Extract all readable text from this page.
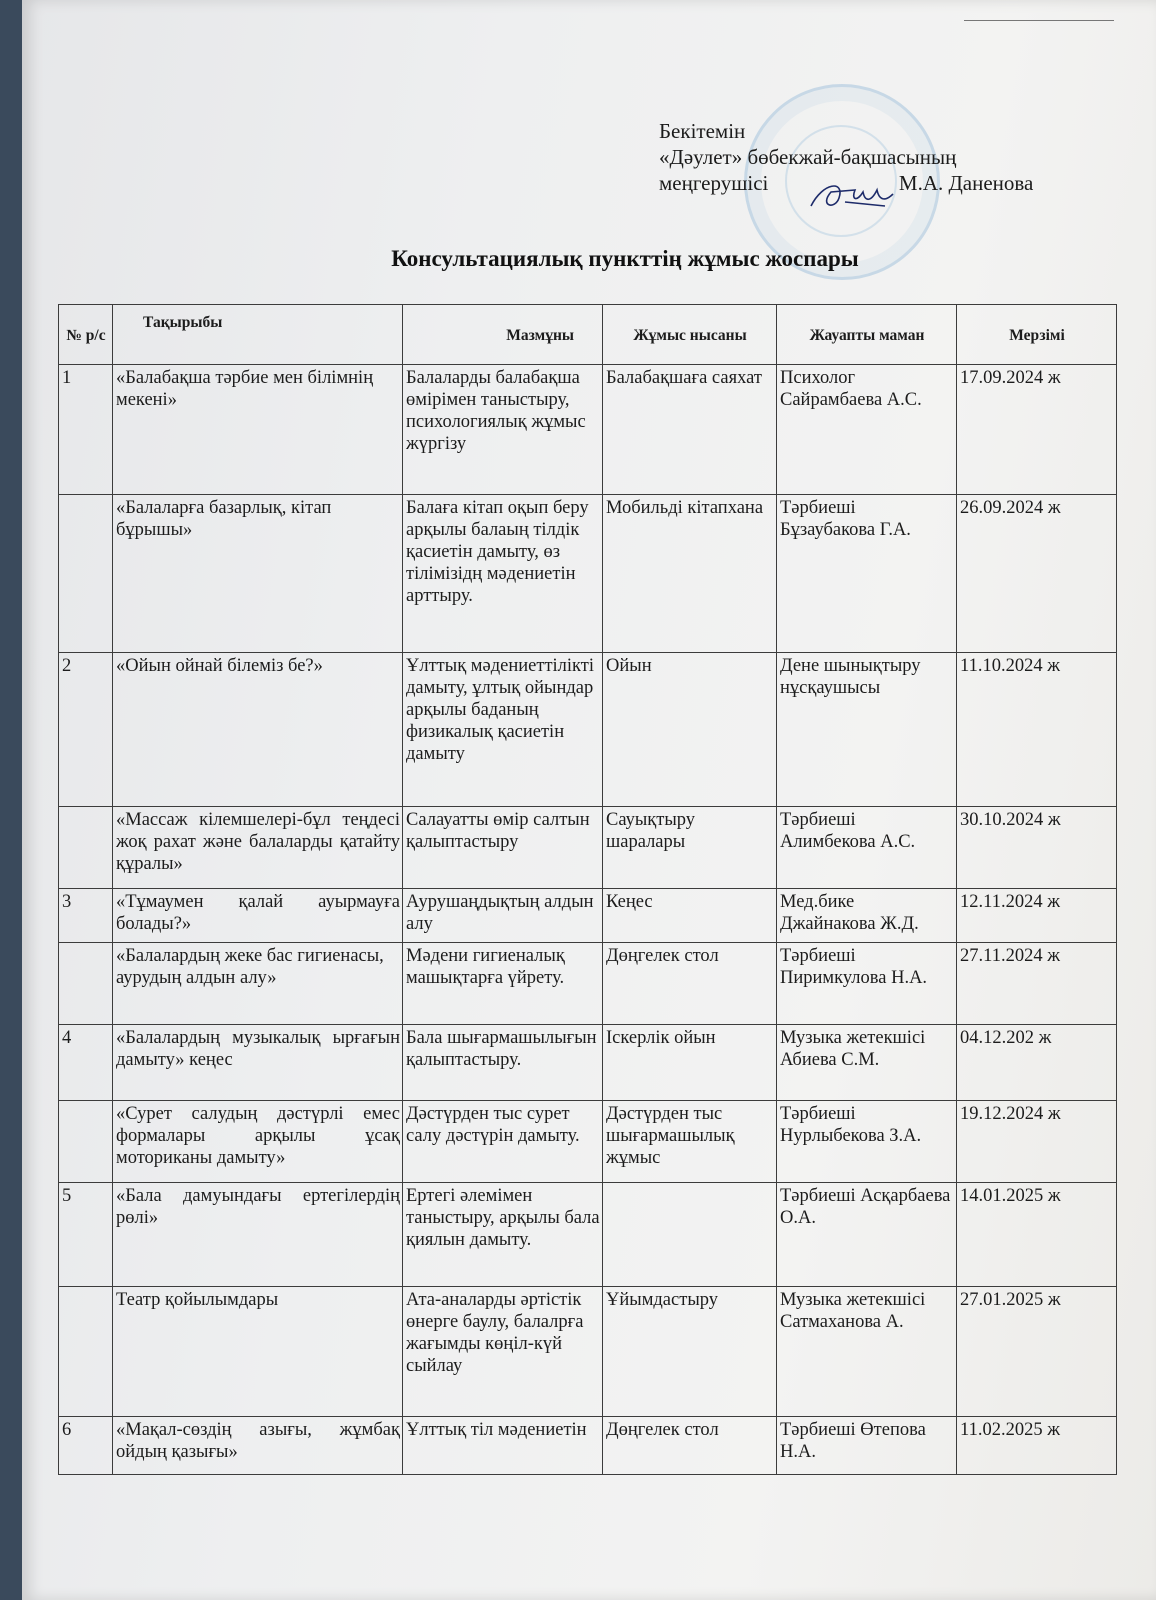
Бекітемін
«Дәулет» бөбекжай-бақшасының
меңгерушісі	М.А. Даненова
Консультациялық пункттің жұмыс жоспары
№ р/с	Тақырыбы	Мазмұны	Жұмыс нысаны	Жауапты маман	Мерзімі
1	«Балабақша тәрбие мен білімнің мекені»	Балаларды балабақша өмірімен таныстыру, психологиялық жұмыс жүргізу	Балабақшаға саяхат	Психолог Сайрамбаева А.С.	17.09.2024 ж
	«Балаларға базарлық, кітап бұрышы»	Балаға кітап оқып беру арқылы балаың тілдік қасиетін дамыту, өз тілімізідң мәдениетін арттыру.	Мобильді кітапхана	Тәрбиеші Бұзаубакова Г.А.	26.09.2024 ж
2	«Ойын ойнай білеміз бе?»	Ұлттық мәдениеттілікті дамыту, ұлтық ойындар арқылы баданың физикалық қасиетін дамыту	Ойын	Дене шынықтыру нұсқаушысы	11.10.2024 ж
	«Массаж кілемшелері-бұл теңдесі жоқ рахат және балаларды қатайту құралы»	Салауатты өмір салтын қалыптастыру	Сауықтыру шаралары	Тәрбиеші Алимбекова А.С.	30.10.2024 ж
3	«Тұмаумен қалай ауырмауға болады?»	Аурушаңдықтың алдын алу	Кеңес	Мед.бике Джайнакова Ж.Д.	12.11.2024 ж
	«Балалардың жеке бас гигиенасы, аурудың алдын алу»	Мәдени гигиеналық машықтарға үйрету.	Дөңгелек стол	Тәрбиеші Пиримкулова Н.А.	27.11.2024 ж
4	«Балалардың музыкалық ырғағын дамыту» кеңес	Бала шығармашылығын қалыптастыру.	Іскерлік ойын	Музыка жетекшісі Абиева С.М.	04.12.202 ж
	«Сурет салудың дәстүрлі емес формалары арқылы ұсақ моториканы дамыту»	Дәстүрден тыс сурет салу дәстүрін дамыту.	Дәстүрден тыс шығармашылық жұмыс	Тәрбиеші Нурлыбекова З.А.	19.12.2024 ж
5	«Бала дамуындағы ертегілердің рөлі»	Ертегі әлемімен таныстыру, арқылы бала қиялын дамыту.		Тәрбиеші Асқарбаева О.А.	14.01.2025 ж
	Театр қойылымдары	Ата-аналарды әртістік өнерге баулу, балалрға жағымды көңіл-күй сыйлау	Ұйымдастыру	Музыка жетекшісі Сатмаханова А.	27.01.2025 ж
6	«Мақал-сөздің азығы, жұмбақ ойдың қазығы»	Ұлттық тіл мәдениетін	Дөңгелек стол	Тәрбиеші Өтепова Н.А.	11.02.2025 ж
